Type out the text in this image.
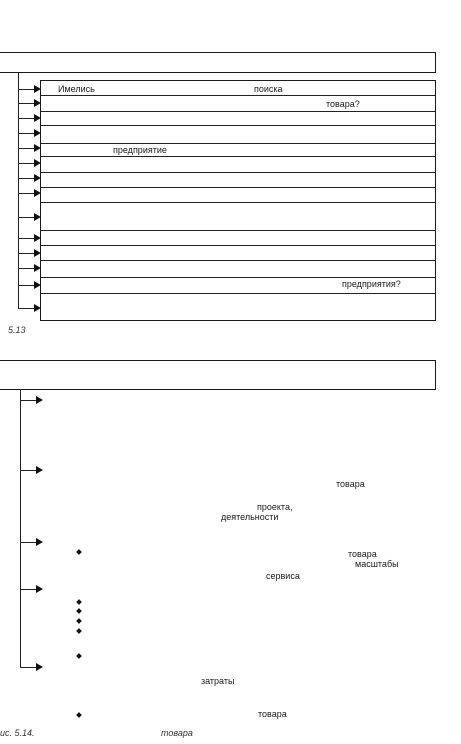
Имелись	поиска
товара?
предприятие
предприятия?
5.13
товара
проекта,
деятельности
товара
масштабы
сервиса
затраты
товара
ис. 5.14.	товара
